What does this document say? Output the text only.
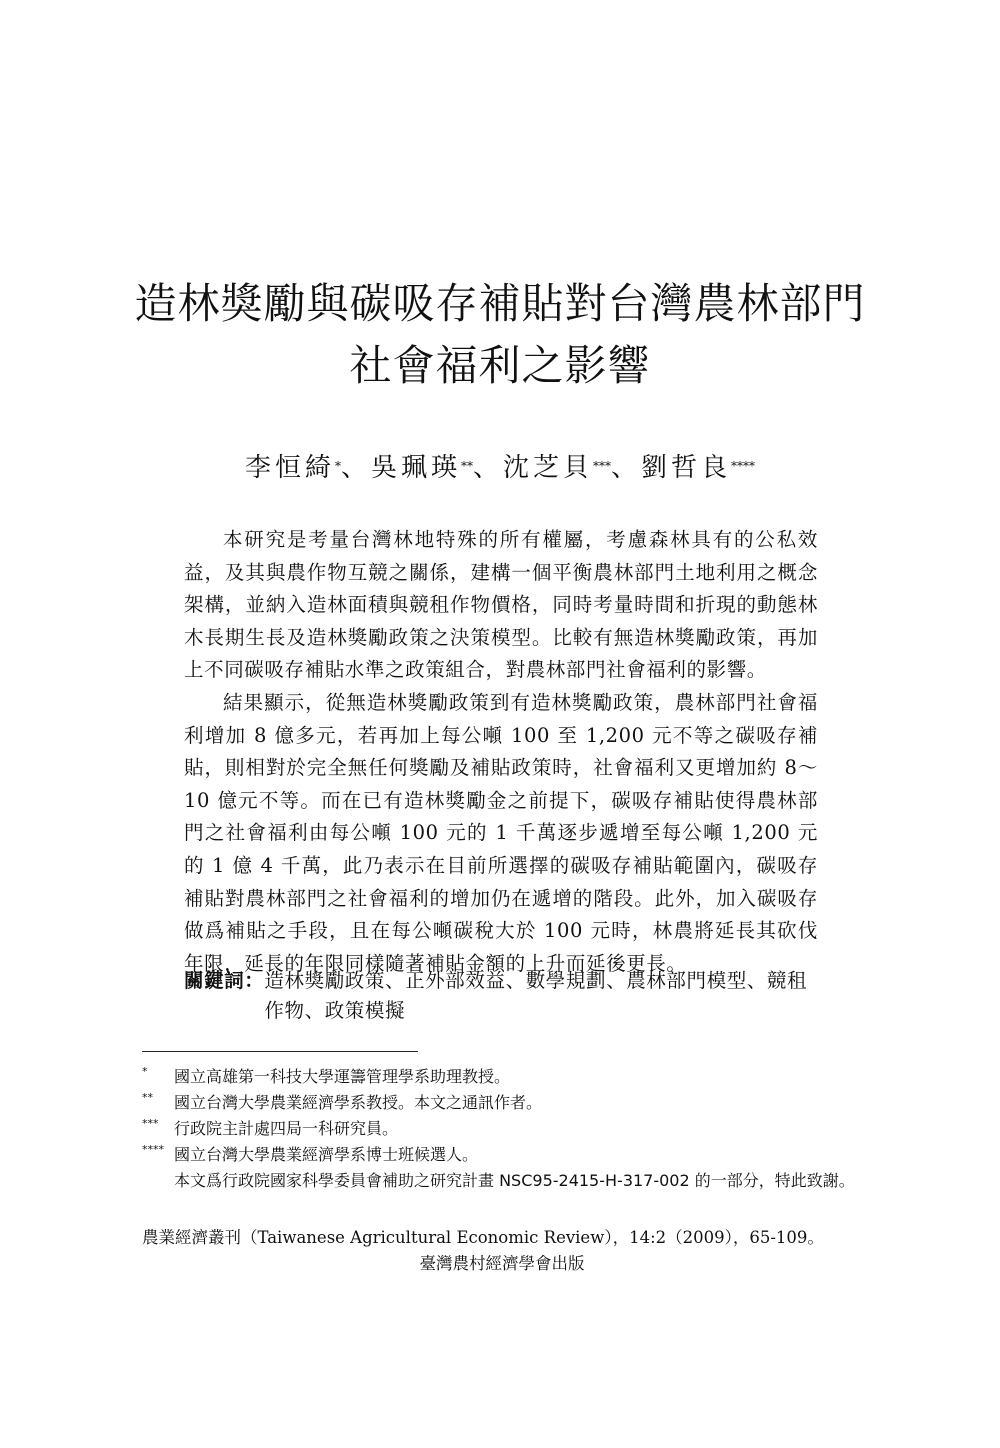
造林獎勵與碳吸存補貼對台灣農林部門
社會福利之影響
李恒綺*、吳珮瑛**、沈芝貝***、劉哲良****

本研究是考量台灣林地特殊的所有權屬，考慮森林具有的公私效益，及其與農作物互競之關係，建構一個平衡農林部門土地利用之概念架構，並納入造林面積與競租作物價格，同時考量時間和折現的動態林木長期生長及造林獎勵政策之決策模型。比較有無造林獎勵政策，再加上不同碳吸存補貼水準之政策組合，對農林部門社會福利的影響。

結果顯示，從無造林獎勵政策到有造林獎勵政策，農林部門社會福利增加 8 億多元，若再加上每公噸 100 至 1,200 元不等之碳吸存補貼，則相對於完全無任何獎勵及補貼政策時，社會福利又更增加約 8～10 億元不等。而在已有造林獎勵金之前提下，碳吸存補貼使得農林部門之社會福利由每公噸 100 元的 1 千萬逐步遞增至每公噸 1,200 元的 1 億 4 千萬，此乃表示在目前所選擇的碳吸存補貼範圍內，碳吸存補貼對農林部門之社會福利的增加仍在遞增的階段。此外，加入碳吸存做爲補貼之手段，且在每公噸碳稅大於 100 元時，林農將延長其砍伐年限，延長的年限同樣隨著補貼金額的上升而延後更長。

關鍵詞： 造林獎勵政策、正外部效益、數學規劃、農林部門模型、競租作物、政策模擬
*	國立高雄第一科技大學運籌管理學系助理教授。
**	國立台灣大學農業經濟學系教授。本文之通訊作者。
*** 行政院主計處四局一科研究員。
**** 國立台灣大學農業經濟學系博士班候選人。
本文爲行政院國家科學委員會補助之研究計畫 NSC95-2415-H-317-002 的一部分，特此致謝。
農業經濟叢刊（Taiwanese Agricultural Economic Review），14:2（2009），65-109。
臺灣農村經濟學會出版
